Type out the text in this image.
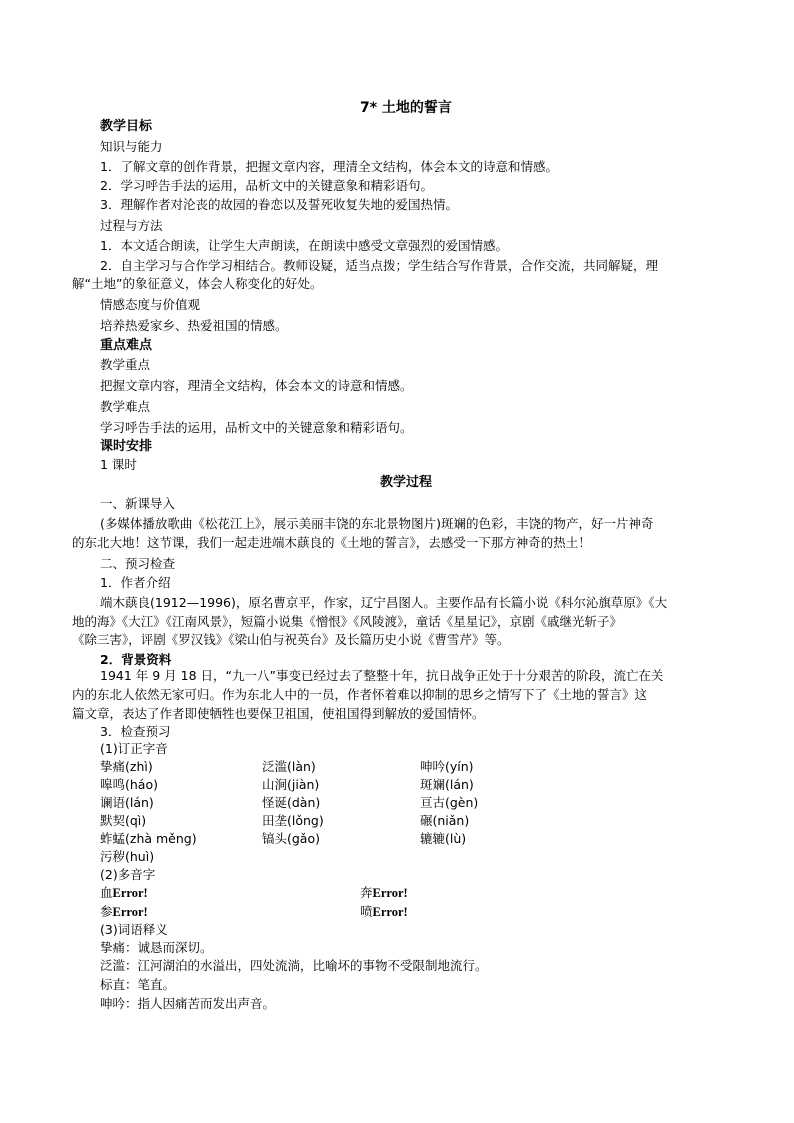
7* 土地的誓言
教学目标
知识与能力
1．了解文章的创作背景，把握文章内容，理清全文结构，体会本文的诗意和情感。
2．学习呼告手法的运用，品析文中的关键意象和精彩语句。
3．理解作者对沦丧的故园的眷恋以及誓死收复失地的爱国热情。
过程与方法
1．本文适合朗读，让学生大声朗读，在朗读中感受文章强烈的爱国情感。
2．自主学习与合作学习相结合。教师设疑，适当点拨；学生结合写作背景，合作交流，共同解疑，理
解“土地”的象征意义，体会人称变化的好处。
情感态度与价值观
培养热爱家乡、热爱祖国的情感。
重点难点
教学重点
把握文章内容，理清全文结构，体会本文的诗意和情感。
教学难点
学习呼告手法的运用，品析文中的关键意象和精彩语句。
课时安排
1 课时
教学过程
一、新课导入
(多媒体播放歌曲《松花江上》，展示美丽丰饶的东北景物图片)斑斓的色彩，丰饶的物产，好一片神奇
的东北大地！这节课，我们一起走进端木蕻良的《土地的誓言》，去感受一下那方神奇的热土！
二、预习检查
1．作者介绍
端木蕻良(1912—1996)，原名曹京平，作家，辽宁昌图人。主要作品有长篇小说《科尔沁旗草原》《大
地的海》《大江》《江南风景》，短篇小说集《憎恨》《风陵渡》，童话《星星记》，京剧《戚继光斩子》
《除三害》，评剧《罗汉钱》《梁山伯与祝英台》及长篇历史小说《曹雪芹》等。
2．背景资料
1941 年 9 月 18 日，“九一八”事变已经过去了整整十年，抗日战争正处于十分艰苦的阶段，流亡在关
内的东北人依然无家可归。作为东北人中的一员，作者怀着难以抑制的思乡之情写下了《土地的誓言》这
篇文章，表达了作者即使牺牲也要保卫祖国，使祖国得到解放的爱国情怀。
3．检查预习
(1)订正字音
挚痛(zhì)	泛滥(làn)	呻吟(yín)
嗥鸣(háo)	山涧(jiàn)	斑斓(lán)
谰语(lán)	怪诞(dàn)	亘古(gèn)
默契(qì)	田垄(lǒng)	碾(niǎn)
蚱蜢(zhà měng)	镐头(gǎo)	辘辘(lù)
污秽(huì)
(2)多音字
血Error!	奔Error!
参Error!	喷Error!
(3)词语释义
挚痛：诚恳而深切。
泛滥：江河湖泊的水溢出，四处流淌，比喻坏的事物不受限制地流行。
标直：笔直。
呻吟：指人因痛苦而发出声音。
